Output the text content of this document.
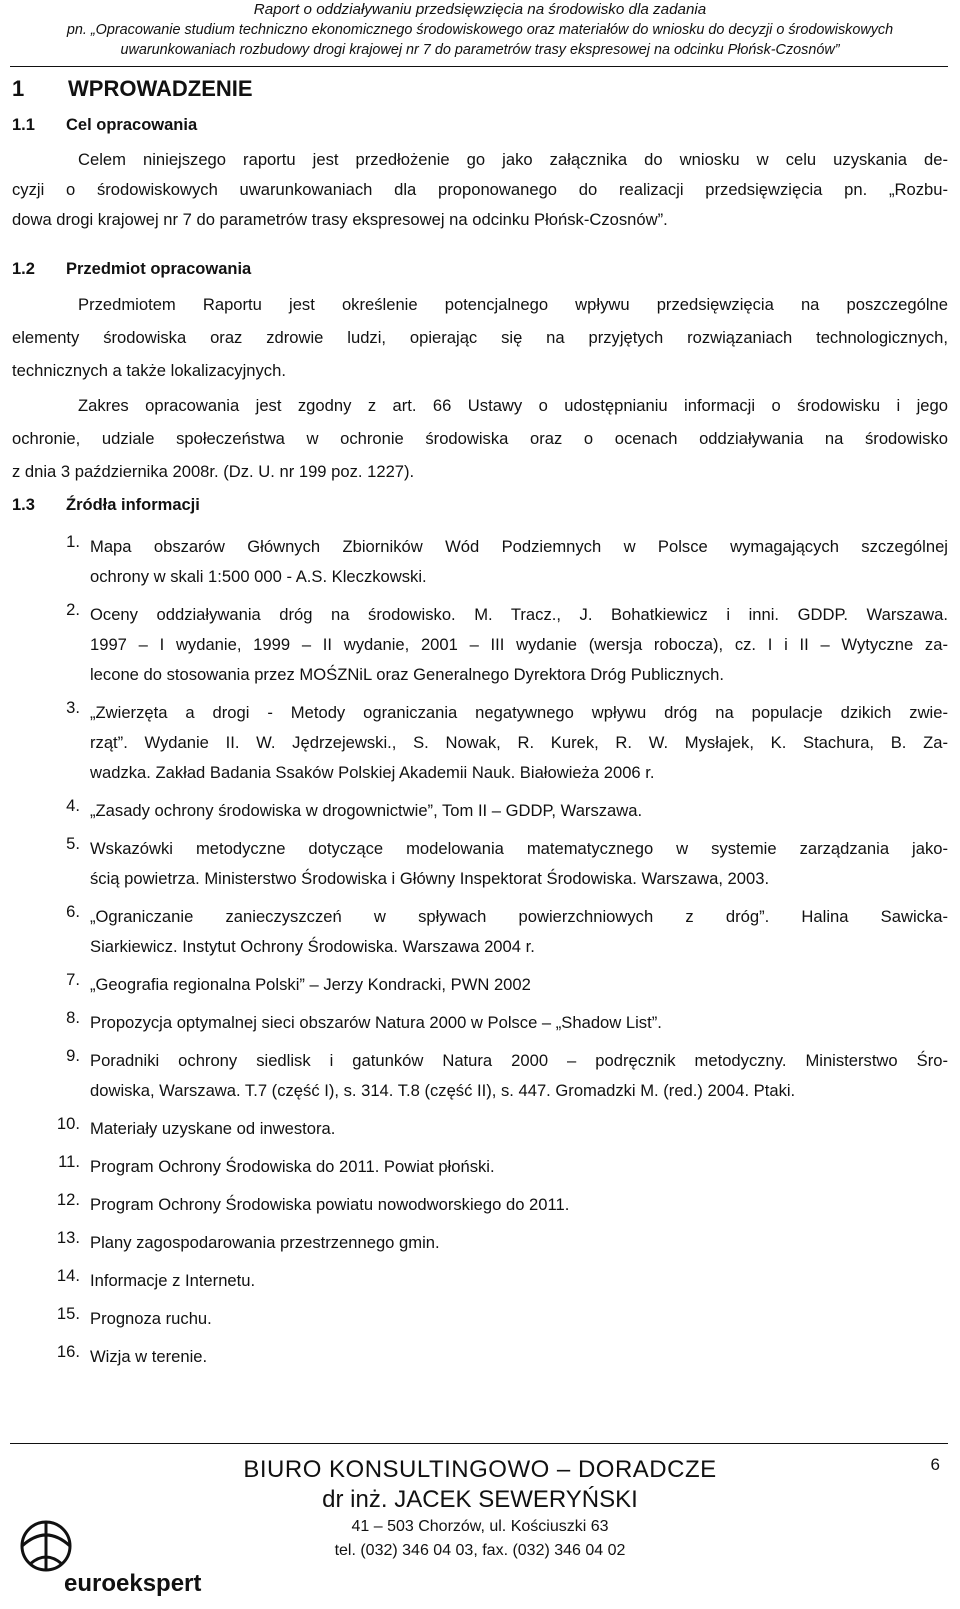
Raport o oddziaływaniu przedsięwzięcia na środowisko dla zadania
pn. „Opracowanie studium techniczno ekonomicznego środowiskowego oraz materiałów do wniosku do decyzji o środowiskowych
uwarunkowaniach rozbudowy drogi krajowej nr 7 do parametrów trasy ekspresowej na odcinku Płońsk-Czosnów”
1 WPROWADZENIE
1.1 Cel opracowania
Celem niniejszego raportu jest przedłożenie go jako załącznika do wniosku w celu uzyskania de-
cyzji o środowiskowych uwarunkowaniach dla proponowanego do realizacji przedsięwzięcia pn. „Rozbu-
dowa drogi krajowej nr 7 do parametrów trasy ekspresowej na odcinku Płońsk-Czosnów”.
1.2 Przedmiot opracowania
Przedmiotem Raportu jest określenie potencjalnego wpływu przedsięwzięcia na poszczególne
elementy środowiska oraz zdrowie ludzi, opierając się na przyjętych rozwiązaniach technologicznych,
technicznych a także lokalizacyjnych.
Zakres opracowania jest zgodny z art. 66 Ustawy o udostępnianiu informacji o środowisku i jego
ochronie, udziale społeczeństwa w ochronie środowiska oraz o ocenach oddziaływania na środowisko
z dnia 3 października 2008r. (Dz. U. nr 199 poz. 1227).
1.3 Źródła informacji
1. Mapa obszarów Głównych Zbiorników Wód Podziemnych w Polsce wymagających szczególnej
ochrony w skali 1:500 000 - A.S. Kleczkowski.
2. Oceny oddziaływania dróg na środowisko. M. Tracz., J. Bohatkiewicz i inni. GDDP. Warszawa.
1997 – I wydanie, 1999 – II wydanie, 2001 – III wydanie (wersja robocza), cz. I i II – Wytyczne za-
lecone do stosowania przez MOŚZNiL oraz Generalnego Dyrektora Dróg Publicznych.
3. „Zwierzęta a drogi - Metody ograniczania negatywnego wpływu dróg na populacje dzikich zwie-
rząt”. Wydanie II. W. Jędrzejewski., S. Nowak, R. Kurek, R. W. Mysłajek, K. Stachura, B. Za-
wadzka. Zakład Badania Ssaków Polskiej Akademii Nauk. Białowieża 2006 r.
4. „Zasady ochrony środowiska w drogownictwie”, Tom II – GDDP, Warszawa.
5. Wskazówki metodyczne dotyczące modelowania matematycznego w systemie zarządzania jako-
ścią powietrza. Ministerstwo Środowiska i Główny Inspektorat Środowiska. Warszawa, 2003.
6. „Ograniczanie zanieczyszczeń w spływach powierzchniowych z dróg”. Halina Sawicka-
Siarkiewicz. Instytut Ochrony Środowiska. Warszawa 2004 r.
7. „Geografia regionalna Polski” – Jerzy Kondracki, PWN 2002
8. Propozycja optymalnej sieci obszarów Natura 2000 w Polsce – „Shadow List”.
9. Poradniki ochrony siedlisk i gatunków Natura 2000 – podręcznik metodyczny. Ministerstwo Śro-
dowiska, Warszawa. T.7 (część I), s. 314. T.8 (część II), s. 447. Gromadzki M. (red.) 2004. Ptaki.
10. Materiały uzyskane od inwestora.
11. Program Ochrony Środowiska do 2011. Powiat płoński.
12. Program Ochrony Środowiska powiatu nowodworskiego do 2011.
13. Plany zagospodarowania przestrzennego gmin.
14. Informacje z Internetu.
15. Prognoza ruchu.
16. Wizja w terenie.
BIURO KONSULTINGOWO – DORADCZE
dr inż. JACEK SEWERYŃSKI
41 – 503 Chorzów, ul. Kościuszki 63
tel. (032) 346 04 03, fax. (032) 346 04 02
6
euroekspert
